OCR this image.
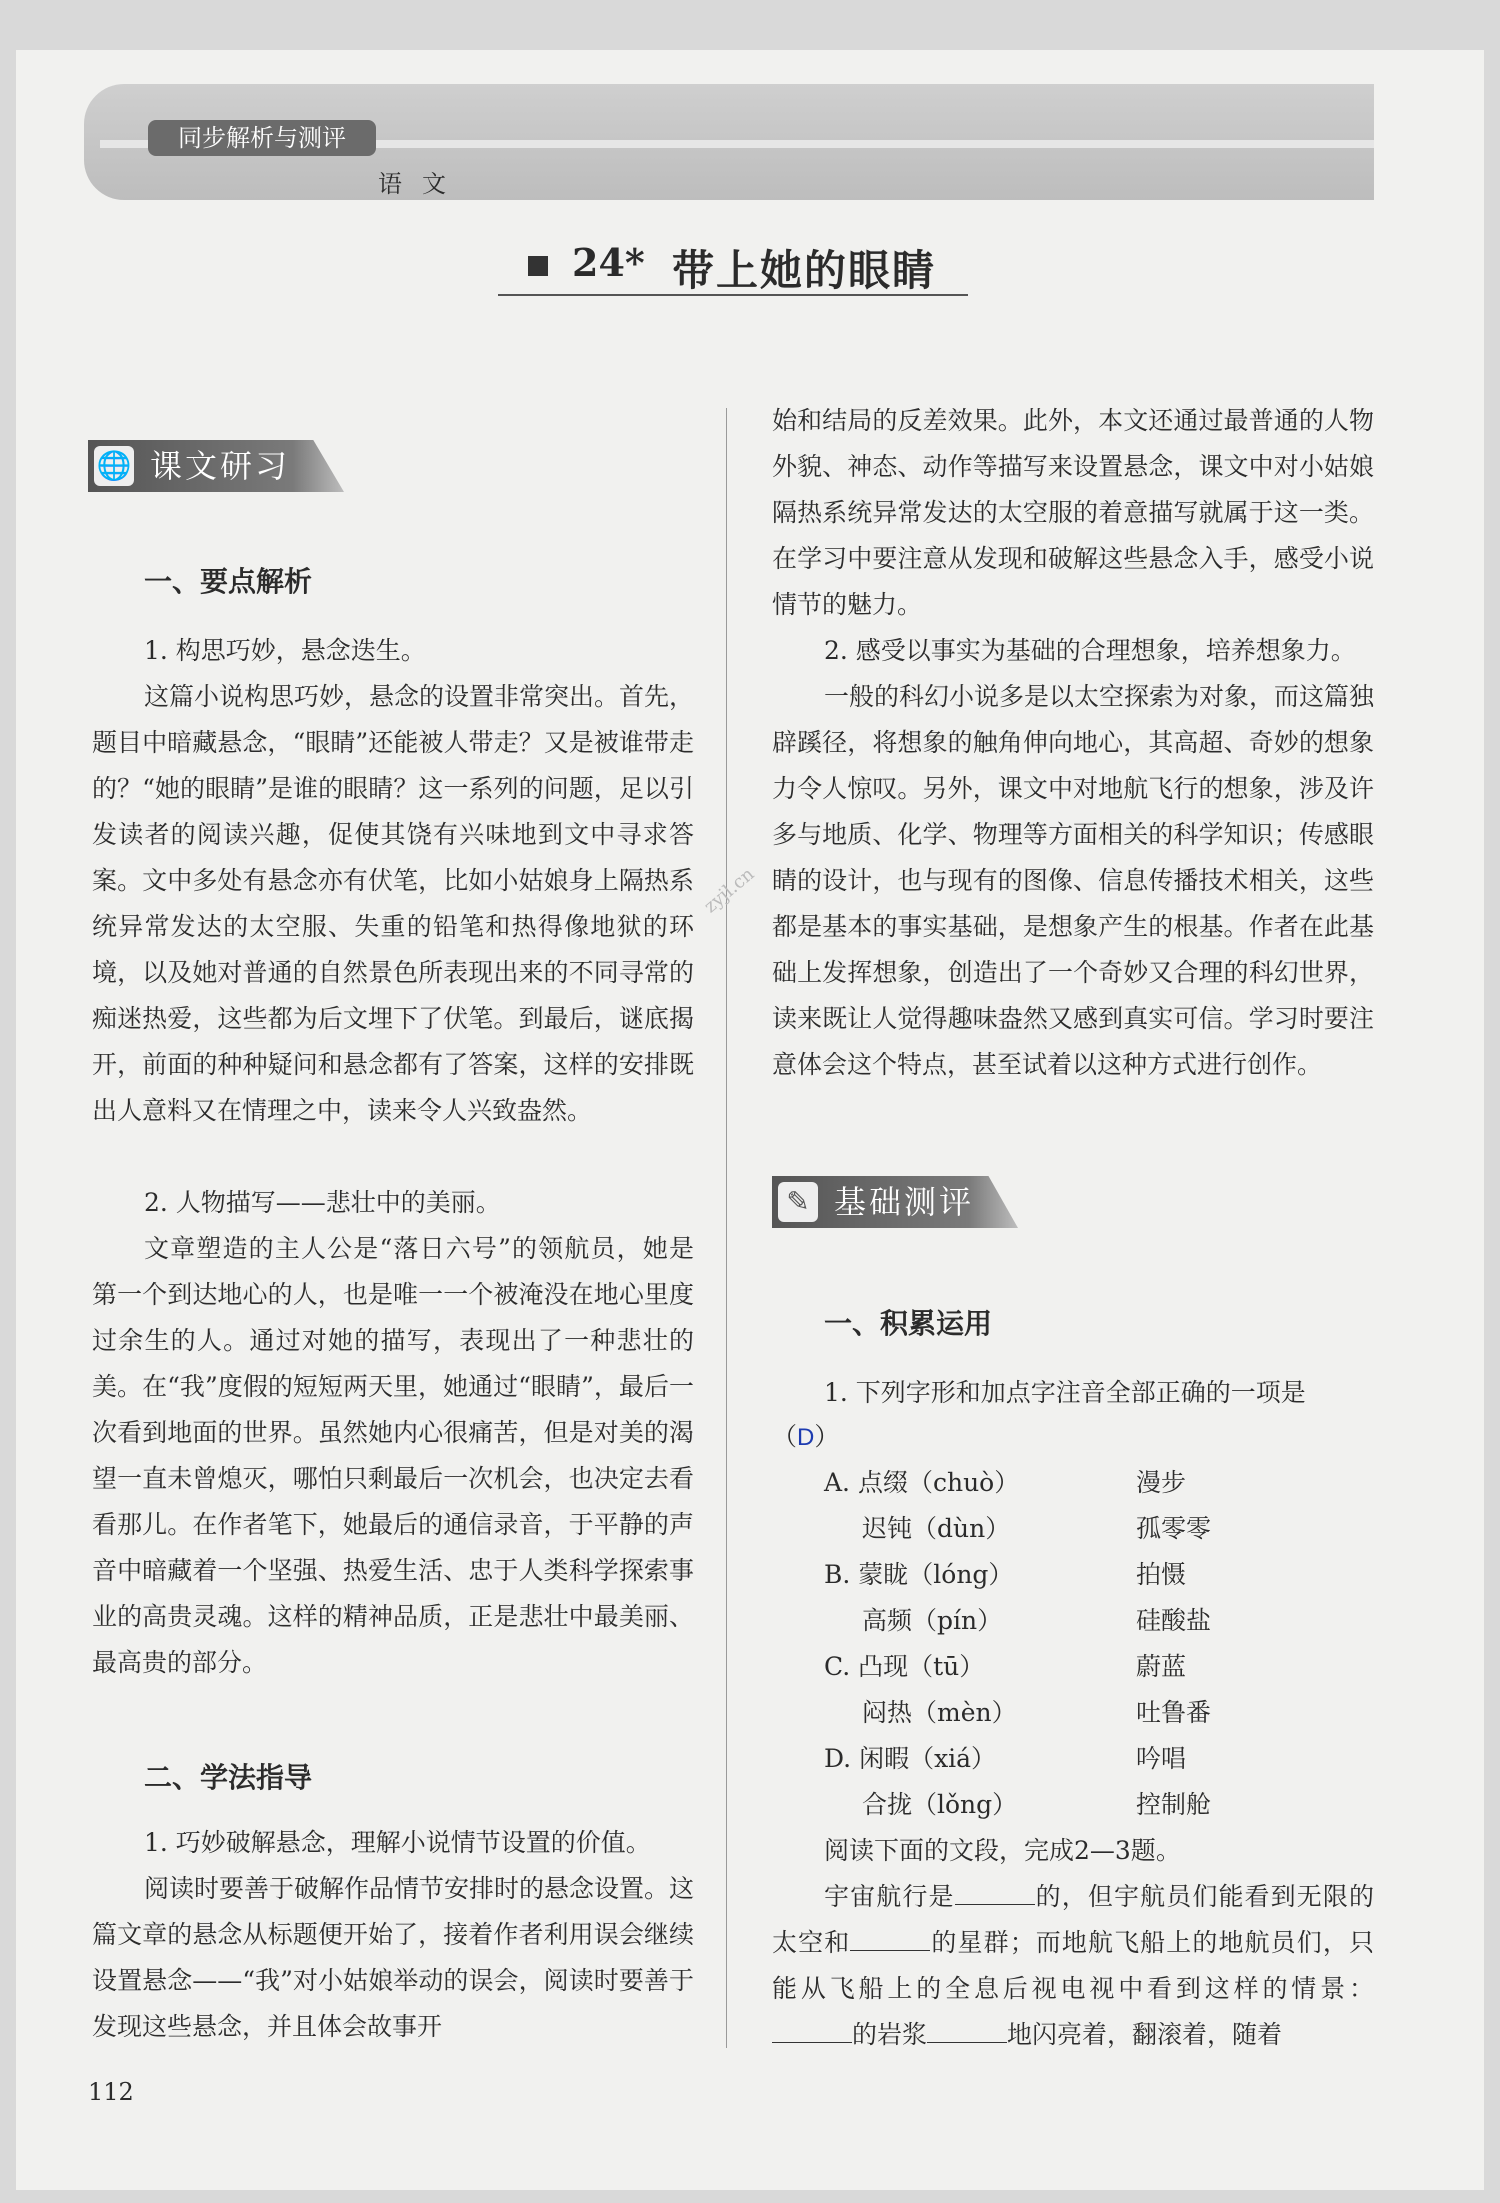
同步解析与测评
语文
24* 带上她的眼睛
zyjl.cn
🌐 课文研习
一、要点解析

1. 构思巧妙，悬念迭生。

这篇小说构思巧妙，悬念的设置非常突出。首先，题目中暗藏悬念，“眼睛”还能被人带走？又是被谁带走的？“她的眼睛”是谁的眼睛？这一系列的问题，足以引发读者的阅读兴趣，促使其饶有兴味地到文中寻求答案。文中多处有悬念亦有伏笔，比如小姑娘身上隔热系统异常发达的太空服、失重的铅笔和热得像地狱的环境，以及她对普通的自然景色所表现出来的不同寻常的痴迷热爱，这些都为后文埋下了伏笔。到最后，谜底揭开，前面的种种疑问和悬念都有了答案，这样的安排既出人意料又在情理之中，读来令人兴致盎然。

2. 人物描写——悲壮中的美丽。

文章塑造的主人公是“落日六号”的领航员，她是第一个到达地心的人，也是唯一一个被淹没在地心里度过余生的人。通过对她的描写，表现出了一种悲壮的美。在“我”度假的短短两天里，她通过“眼睛”，最后一次看到地面的世界。虽然她内心很痛苦，但是对美的渴望一直未曾熄灭，哪怕只剩最后一次机会，也决定去看看那儿。在作者笔下，她最后的通信录音，于平静的声音中暗藏着一个坚强、热爱生活、忠于人类科学探索事业的高贵灵魂。这样的精神品质，正是悲壮中最美丽、最高贵的部分。

二、学法指导

1. 巧妙破解悬念，理解小说情节设置的价值。

阅读时要善于破解作品情节安排时的悬念设置。这篇文章的悬念从标题便开始了，接着作者利用误会继续设置悬念——“我”对小姑娘举动的误会，阅读时要善于发现这些悬念，并且体会故事开

112

始和结局的反差效果。此外，本文还通过最普通的人物外貌、神态、动作等描写来设置悬念，课文中对小姑娘隔热系统异常发达的太空服的着意描写就属于这一类。在学习中要注意从发现和破解这些悬念入手，感受小说情节的魅力。

2. 感受以事实为基础的合理想象，培养想象力。

一般的科幻小说多是以太空探索为对象，而这篇独辟蹊径，将想象的触角伸向地心，其高超、奇妙的想象力令人惊叹。另外，课文中对地航飞行的想象，涉及许多与地质、化学、物理等方面相关的科学知识；传感眼睛的设计，也与现有的图像、信息传播技术相关，这些都是基本的事实基础，是想象产生的根基。作者在此基础上发挥想象，创造出了一个奇妙又合理的科幻世界，读来既让人觉得趣味盎然又感到真实可信。学习时要注意体会这个特点，甚至试着以这种方式进行创作。

✎ 基础测评
一、积累运用

1. 下列字形和加点字注音全部正确的一项是

（D）
A. 点缀（chuò）	漫步
迟钝（dùn）	孤零零
B. 蒙眬（lóng）	拍慑
高频（pín）	硅酸盐
C. 凸现（tū）	蔚蓝
闷热（mèn）	吐鲁番
D. 闲暇（xiá）	吟唱
合拢（lǒng）	控制舱

阅读下面的文段，完成2—3题。

宇宙航行是	的，但宇航员们能看到无限的太空和	的星群；而地航飞船上的地航员们，只能从飞船上的全息后视电视中看到这样的情景：的岩浆	地闪亮着，翻滚着，随着
